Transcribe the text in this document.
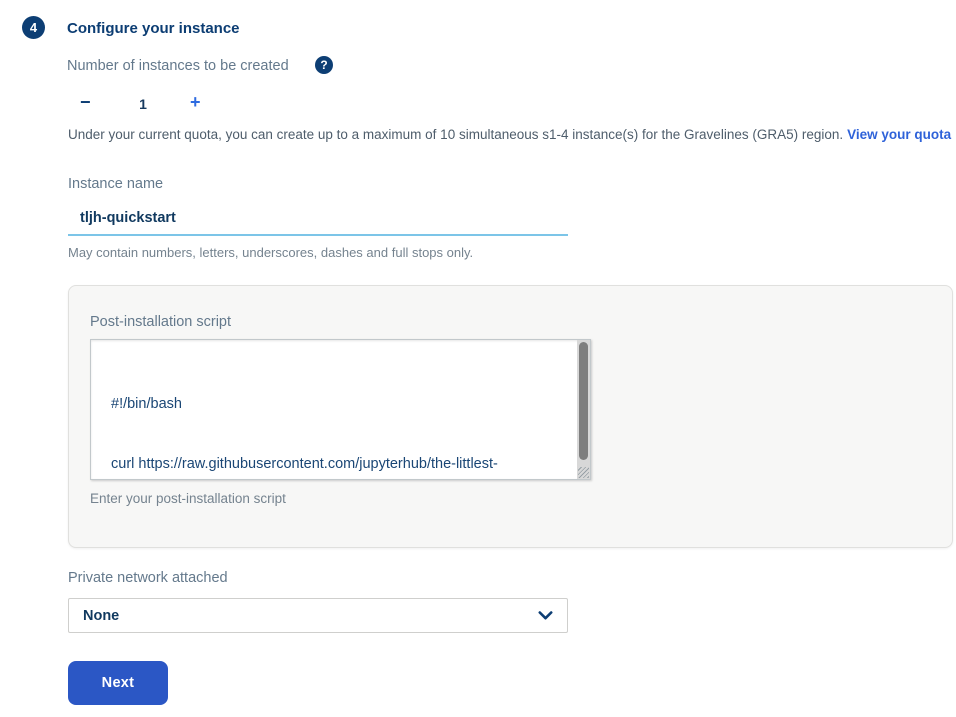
4 Configure your instance
Number of instances to be created	?
−	1	+
Under your current quota, you can create up to a maximum of 10 simultaneous s1-4 instance(s) for the Gravelines (GRA5) region. View your quota
Instance name
tljh-quickstart
May contain numbers, letters, underscores, dashes and full stops only.
Post-installation script

#!/bin/bash

curl https://raw.githubusercontent.com/jupyterhub/the-littlest-

Enter your post-installation script
Private network attached
None
Next
